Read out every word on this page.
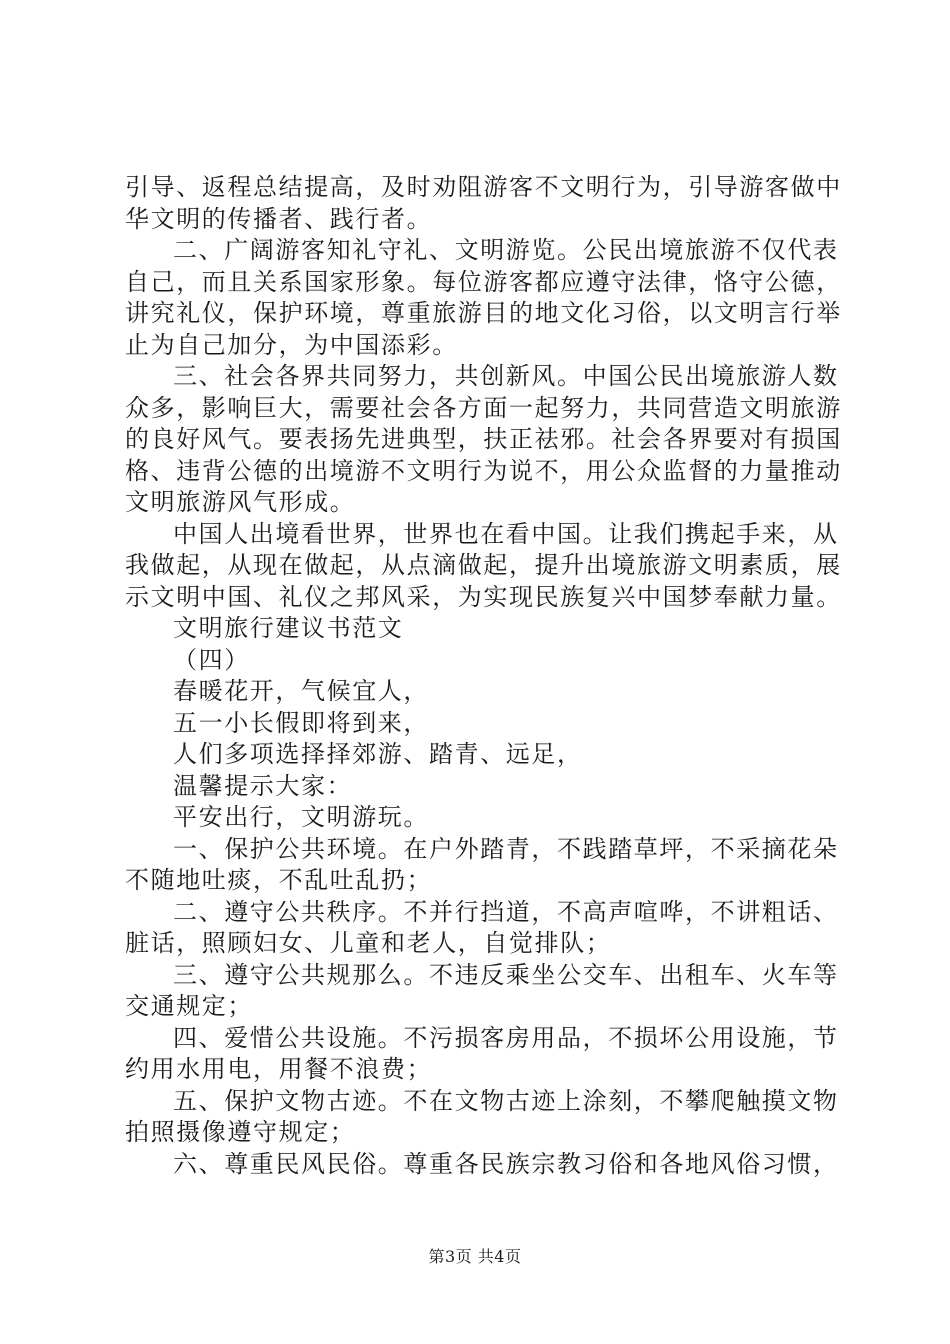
引导、返程总结提高，及时劝阻游客不文明行为，引导游客做中华文明的传播者、践行者。

二、广阔游客知礼守礼、文明游览。公民出境旅游不仅代表自己，而且关系国家形象。每位游客都应遵守法律，恪守公德，讲究礼仪，保护环境，尊重旅游目的地文化习俗，以文明言行举止为自己加分，为中国添彩。

三、社会各界共同努力，共创新风。中国公民出境旅游人数众多，影响巨大，需要社会各方面一起努力，共同营造文明旅游的良好风气。要表扬先进典型，扶正祛邪。社会各界要对有损国格、违背公德的出境游不文明行为说不，用公众监督的力量推动文明旅游风气形成。

中国人出境看世界，世界也在看中国。让我们携起手来，从我做起，从现在做起，从点滴做起，提升出境旅游文明素质，展示文明中国、礼仪之邦风采，为实现民族复兴中国梦奉献力量。

文明旅行建议书范文

（四）

春暖花开，气候宜人，

五一小长假即将到来，

人们多项选择择郊游、踏青、远足，

温馨提示大家：

平安出行，文明游玩。

一、保护公共环境。在户外踏青，不践踏草坪，不采摘花朵不随地吐痰，不乱吐乱扔；

二、遵守公共秩序。不并行挡道，不高声喧哗，不讲粗话、脏话，照顾妇女、儿童和老人，自觉排队；

三、遵守公共规那么。不违反乘坐公交车、出租车、火车等交通规定；

四、爱惜公共设施。不污损客房用品，不损坏公用设施，节约用水用电，用餐不浪费；

五、保护文物古迹。不在文物古迹上涂刻，不攀爬触摸文物拍照摄像遵守规定；

六、尊重民风民俗。尊重各民族宗教习俗和各地风俗习惯，

第3页 共4页
